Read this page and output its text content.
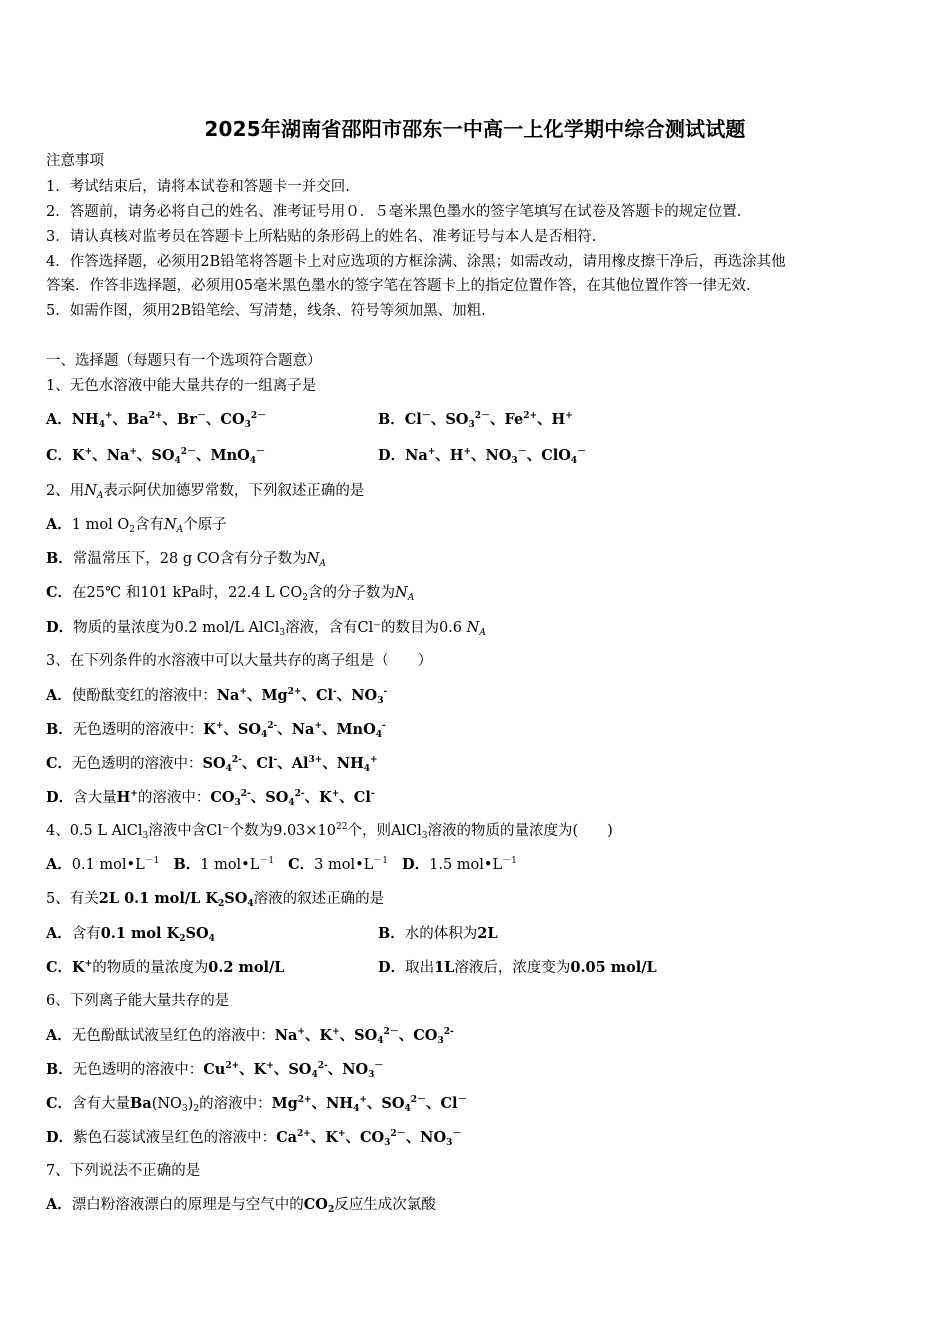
2025年湖南省邵阳市邵东一中高一上化学期中综合测试试题
注意事项
1．考试结束后，请将本试卷和答题卡一并交回.
2．答题前，请务必将自己的姓名、准考证号用０．５毫米黑色墨水的签字笔填写在试卷及答题卡的规定位置.
3．请认真核对监考员在答题卡上所粘贴的条形码上的姓名、准考证号与本人是否相符.
4．作答选择题，必须用2B铅笔将答题卡上对应选项的方框涂满、涂黑；如需改动，请用橡皮擦干净后，再选涂其他
答案．作答非选择题，必须用05毫米黑色墨水的签字笔在答题卡上的指定位置作答，在其他位置作答一律无效.
5．如需作图，须用2B铅笔绘、写清楚，线条、符号等须加黑、加粗.
一、选择题（每题只有一个选项符合题意）
1、无色水溶液中能大量共存的一组离子是
A．$NH_4^+$、$Ba^{2+}$、Br－、$CO_3^{2-}$	B．Cl－、$SO_3^{2-}$、$Fe^{2+}$、H+
C．K+、Na+、$SO_4^{2-}$、MnO$_4$－	D．Na+、H+、$NO_3^-$、ClO$_4$－
2、用$N_A$表示阿伏加德罗常数，下列叙述正确的是
A．1 mol $O_2$含有$N_A$个原子
B．常温常压下，28 g CO含有分子数为$N_A$
C．在25℃ 和101 kPa时，22.4 L $CO_2$含的分子数为$N_A$
D．物质的量浓度为0.2 mol/L AlCl$_3$溶液，含有Cl⁻的数目为0.6 $N_A$
3、在下列条件的水溶液中可以大量共存的离子组是（　　）
A．使酚酞变红的溶液中：Na+、$Mg^{2+}$、Cl-、$NO_3^-$
B．无色透明的溶液中：K+、$SO_4^{2-}$、Na+、MnO$_4$-
C．无色透明的溶液中：$SO_4^{2-}$、Cl-、$Al^{3+}$、$NH_4^+$
D．含大量H+的溶液中：$CO_3^{2-}$、$SO_4^{2-}$、K+、Cl-
4、0.5 L AlCl$_3$溶液中含Cl⁻个数为$9.03\times 10^{22}$个，则AlCl$_3$溶液的物质的量浓度为(　　)
A．0.1 $mol•L^{-1}$ B．1 $mol•L^{-1}$ C．3 $mol•L^{-1}$ D．1.5 $mol•L^{-1}$
5、有关2L 0.1 mol/L $K_2SO_4$溶液的叙述正确的是
A．含有0.1 mol $K_2SO_4$	B．水的体积为2L
C．K+的物质的量浓度为0.2 mol/L	D．取出1L溶液后，浓度变为0.05 mol/L
6、下列离子能大量共存的是
A．无色酚酞试液呈红色的溶液中：Na+、K+、$SO_4^{2-}$、$CO_3^{2-}$
B．无色透明的溶液中：$Cu^{2+}$、K+、$SO_4^{2-}$、$NO_3^-$
C．含有大量$Ba(NO_3)_2$的溶液中：$Mg^{2+}$、$NH_4^+$、$SO_4^{2-}$、Cl－
D．紫色石蕊试液呈红色的溶液中：$Ca^{2+}$、K+、$CO_3^{2-}$、$NO_3^-$
7、下列说法不正确的是
A．漂白粉溶液漂白的原理是与空气中的$CO_2$反应生成次氯酸
